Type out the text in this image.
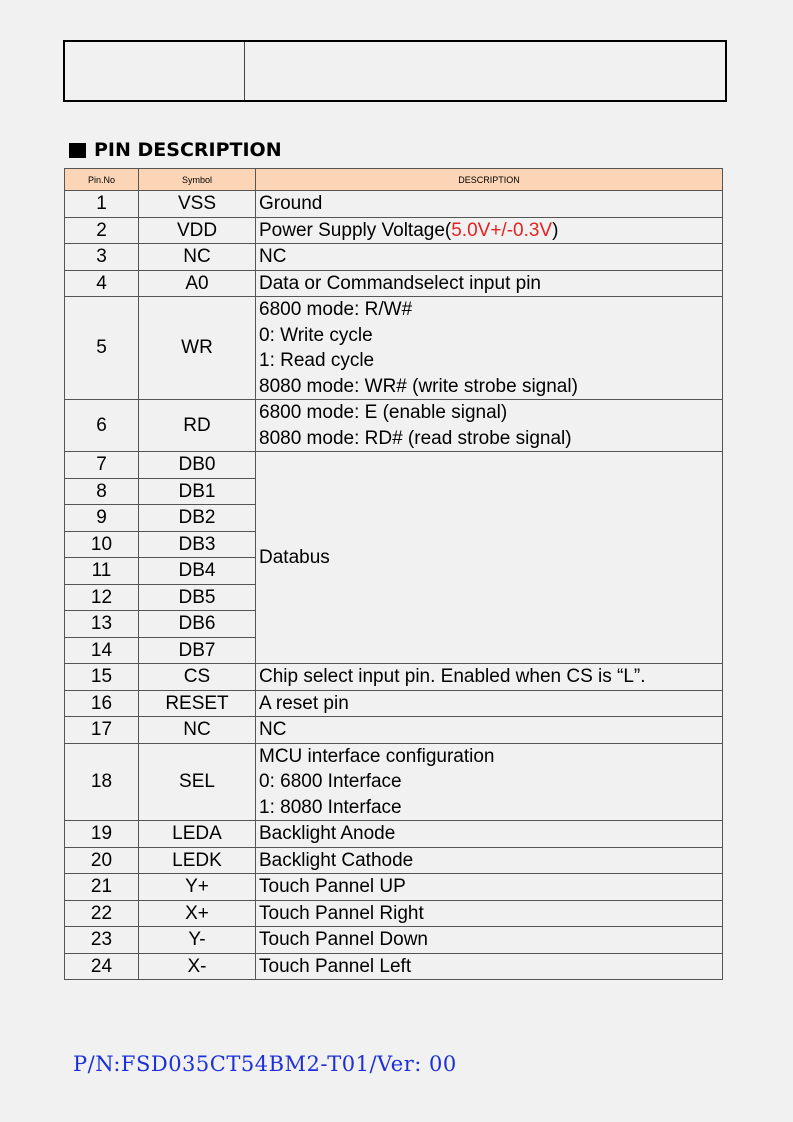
PIN DESCRIPTION
Pin.No	Symbol	DESCRIPTION
1	VSS	Ground
2	VDD	Power Supply Voltage(5.0V+/-0.3V)
3	NC	NC
4	A0	Data or Commandselect input pin
5	WR	6800 mode: R/W#
0: Write cycle
1: Read cycle
8080 mode: WR# (write strobe signal)

6	RD	6800 mode: E (enable signal)
8080 mode: RD# (read strobe signal)

7	DB0	Databus
8	DB1	
9	DB2	
10	DB3	
11	DB4	
12	DB5	
13	DB6	
14	DB7	
15	CS	Chip select input pin. Enabled when CS is “L”.
16	RESET	A reset pin
17	NC	NC
18	SEL	MCU interface configuration
0: 6800 Interface
1: 8080 Interface

19	LEDA	Backlight Anode
20	LEDK	Backlight Cathode
21	Y+	Touch Pannel UP
22	X+	Touch Pannel Right
23	Y-	Touch Pannel Down
24	X-	Touch Pannel Left
P/N:FSD035CT54BM2-T01/Ver: 00
